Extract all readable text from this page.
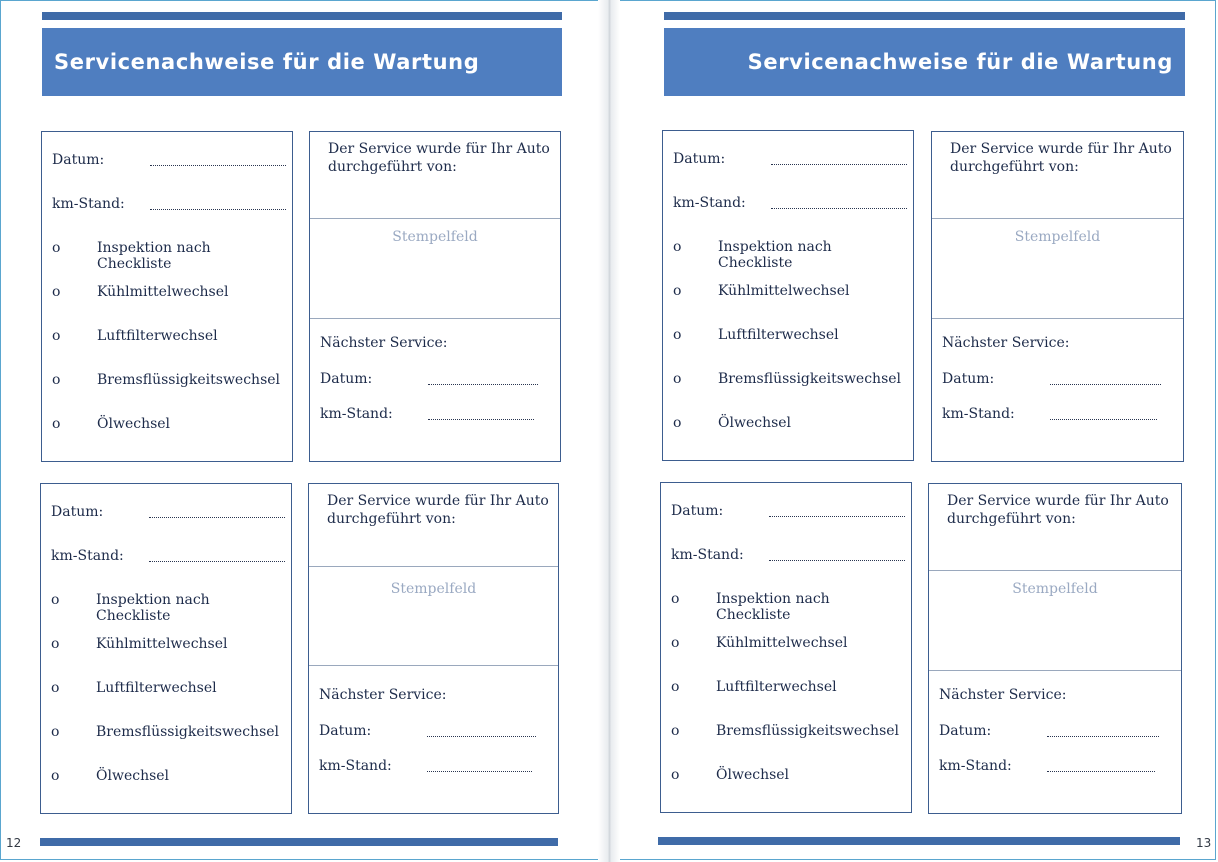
Servicenachweise für die Wartung
Datum:
km-Stand:
o	Inspektion nach Checkliste
o	Kühlmittelwechsel
o	Luftfilterwechsel
o	Bremsflüssigkeitswechsel
o	Ölwechsel
Der Service wurde für Ihr Auto
durchgeführt von:
Stempelfeld
Nächster Service:
Datum:
km-Stand:
Datum:
km-Stand:
o	Inspektion nach Checkliste
o	Kühlmittelwechsel
o	Luftfilterwechsel
o	Bremsflüssigkeitswechsel
o	Ölwechsel
Der Service wurde für Ihr Auto
durchgeführt von:
Stempelfeld
Nächster Service:
Datum:
km-Stand:
12
Servicenachweise für die Wartung
Datum:
km-Stand:
o	Inspektion nach Checkliste
o	Kühlmittelwechsel
o	Luftfilterwechsel
o	Bremsflüssigkeitswechsel
o	Ölwechsel
Der Service wurde für Ihr Auto
durchgeführt von:
Stempelfeld
Nächster Service:
Datum:
km-Stand:
Datum:
km-Stand:
o	Inspektion nach Checkliste
o	Kühlmittelwechsel
o	Luftfilterwechsel
o	Bremsflüssigkeitswechsel
o	Ölwechsel
Der Service wurde für Ihr Auto
durchgeführt von:
Stempelfeld
Nächster Service:
Datum:
km-Stand:
13
